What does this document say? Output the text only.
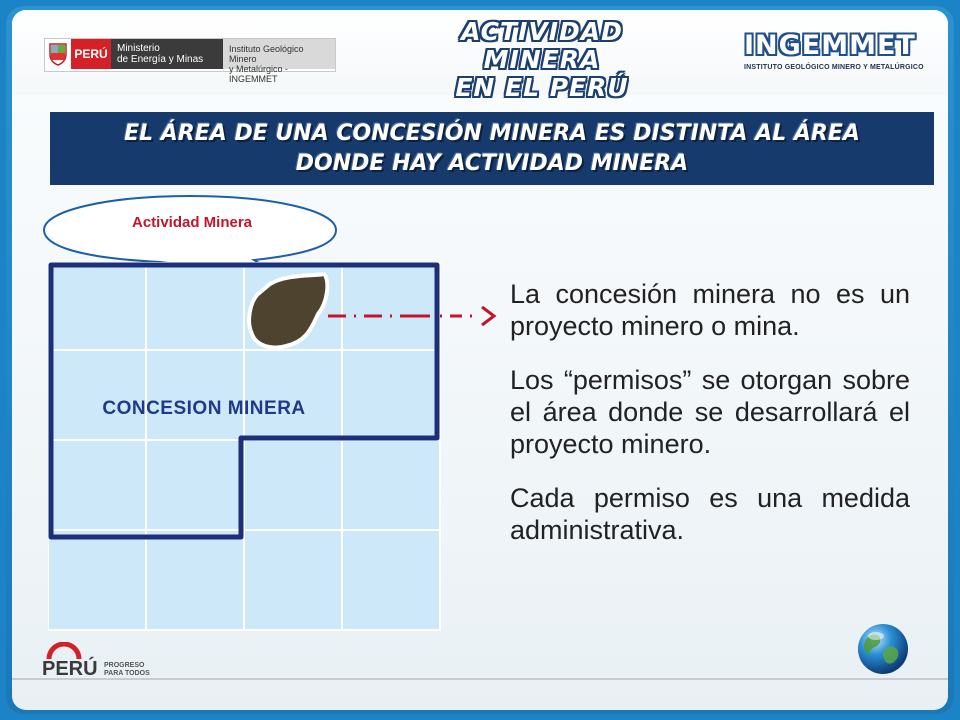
PERÚ Ministerio
de Energía y Minas
Instituto Geológico Minero
y Metalúrgico - INGEMMET
ACTIVIDAD MINERA
EN EL PERÚ
INGEMMET
INSTITUTO GEOLÓGICO MINERO Y METALÚRGICO
EL ÁREA DE UNA CONCESIÓN MINERA ES DISTINTA AL ÁREA
DONDE HAY ACTIVIDAD MINERA
Actividad Minera
CONCESION MINERA

La concesión minera no es un proyecto minero o mina.

Los “permisos” se otorgan sobre el área donde se desarrollará el proyecto minero.

Cada permiso es una medida administrativa.

PERÚ PROGRESO
PARA TODOS
